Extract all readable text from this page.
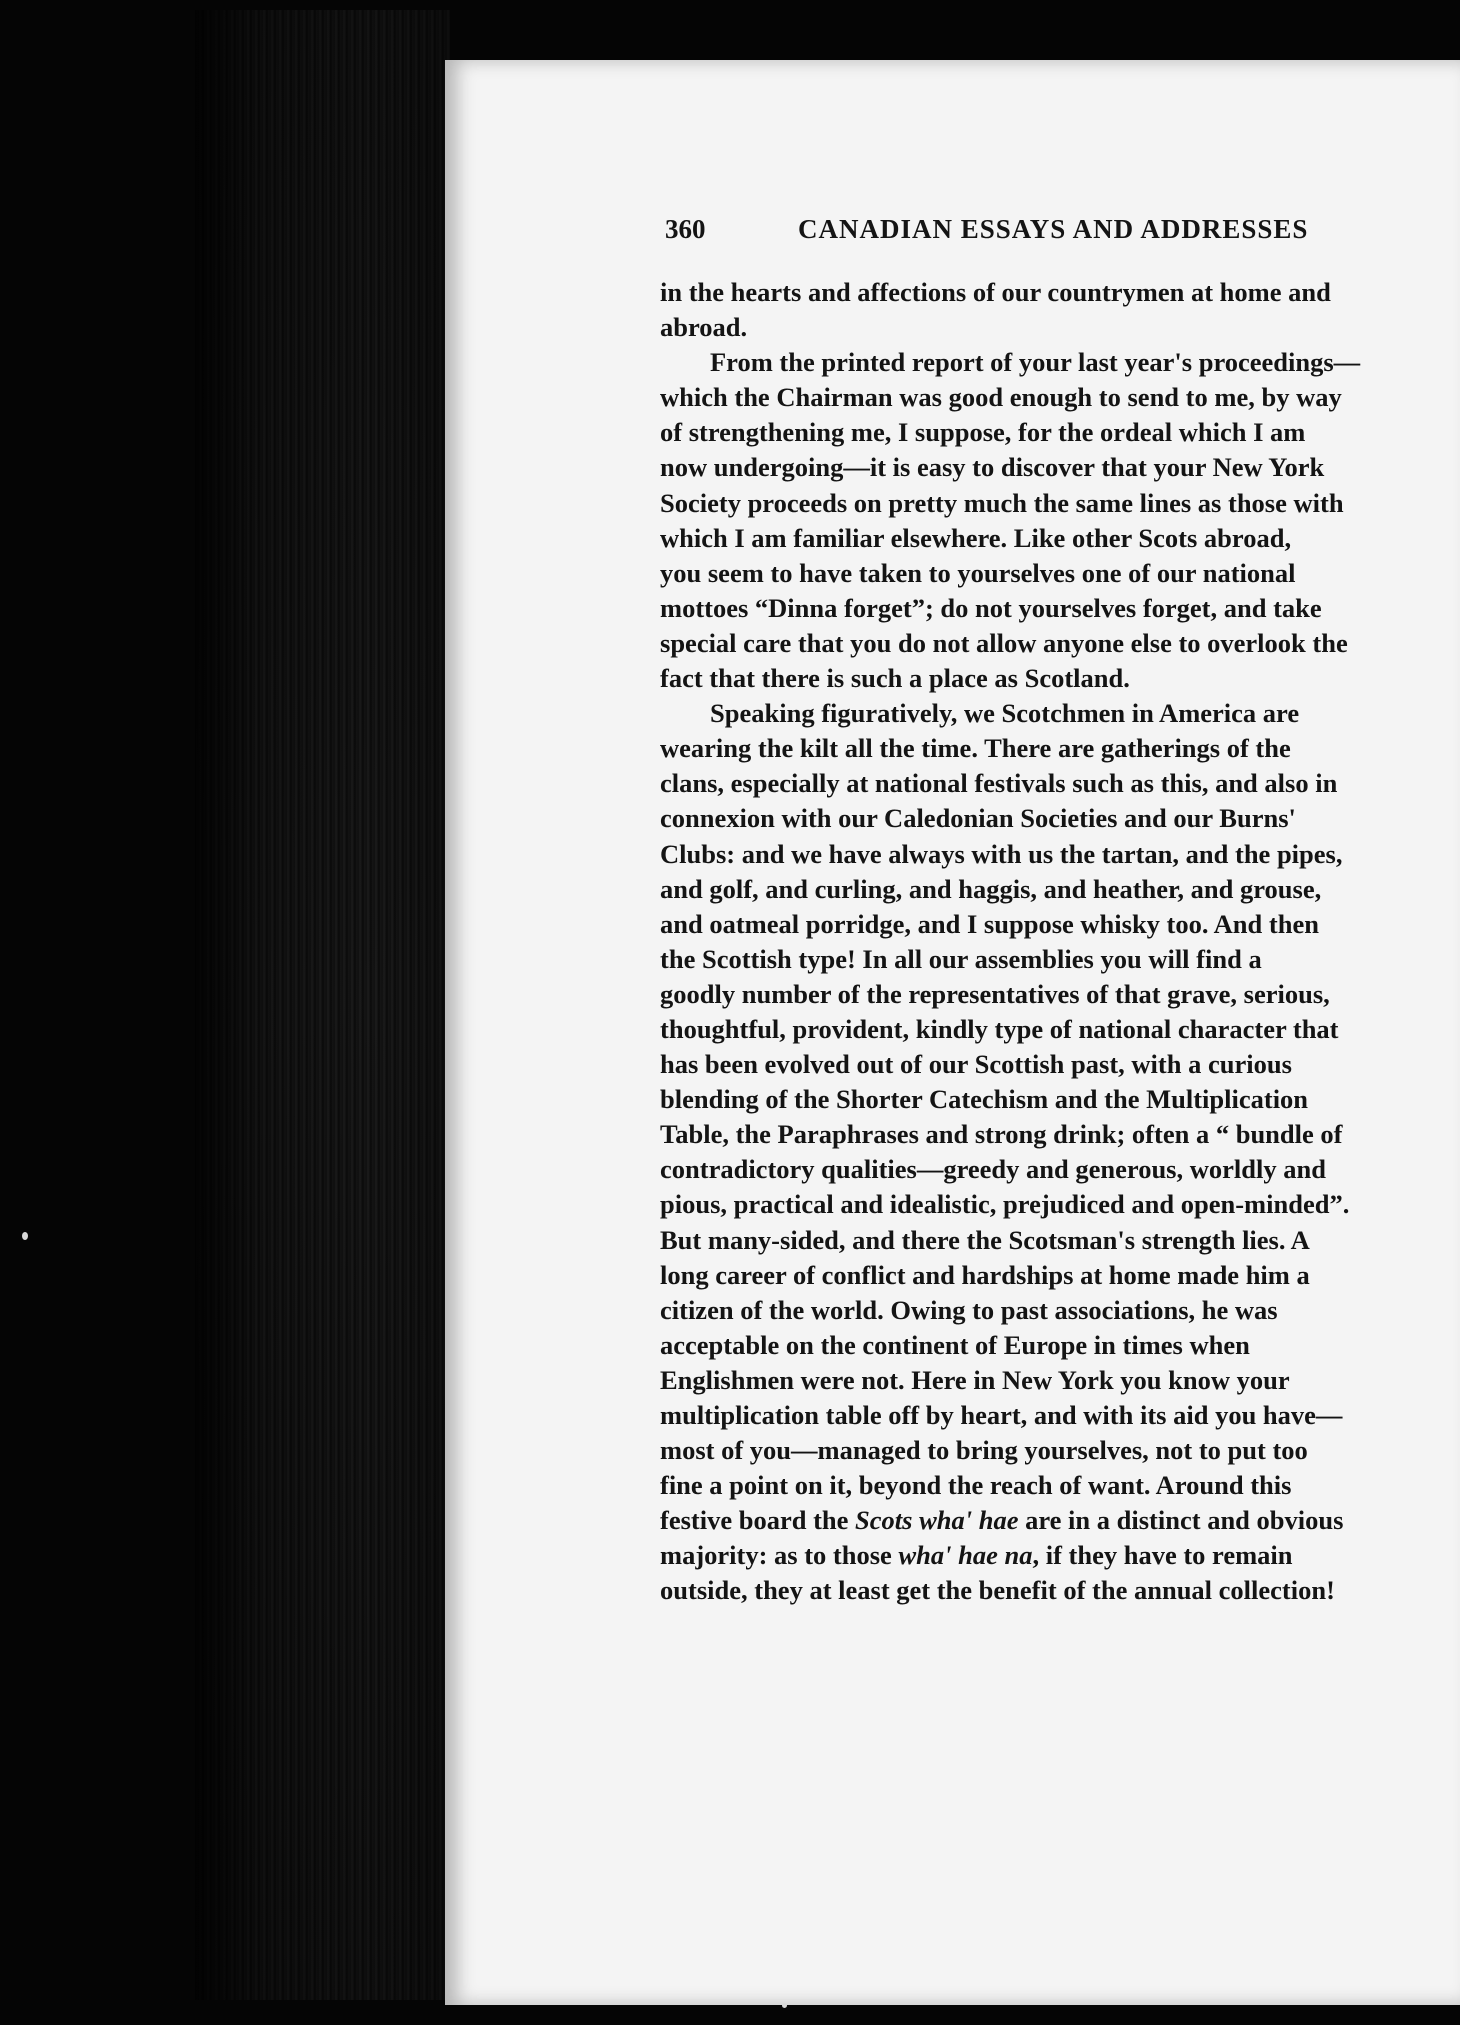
360	CANADIAN ESSAYS AND ADDRESSES
in the hearts and affections of our countrymen at home and
abroad.
From the printed report of your last year's proceedings—
which the Chairman was good enough to send to me, by way
of strengthening me, I suppose, for the ordeal which I am
now undergoing—it is easy to discover that your New York
Society proceeds on pretty much the same lines as those with
which I am familiar elsewhere. Like other Scots abroad,
you seem to have taken to yourselves one of our national
mottoes “Dinna forget”; do not yourselves forget, and take
special care that you do not allow anyone else to overlook the
fact that there is such a place as Scotland.
Speaking figuratively, we Scotchmen in America are
wearing the kilt all the time. There are gatherings of the
clans, especially at national festivals such as this, and also in
connexion with our Caledonian Societies and our Burns'
Clubs: and we have always with us the tartan, and the pipes,
and golf, and curling, and haggis, and heather, and grouse,
and oatmeal porridge, and I suppose whisky too. And then
the Scottish type! In all our assemblies you will find a
goodly number of the representatives of that grave, serious,
thoughtful, provident, kindly type of national character that
has been evolved out of our Scottish past, with a curious
blending of the Shorter Catechism and the Multiplication
Table, the Paraphrases and strong drink; often a “ bundle of
contradictory qualities—greedy and generous, worldly and
pious, practical and idealistic, prejudiced and open-minded”.
But many-sided, and there the Scotsman's strength lies. A
long career of conflict and hardships at home made him a
citizen of the world. Owing to past associations, he was
acceptable on the continent of Europe in times when
Englishmen were not. Here in New York you know your
multiplication table off by heart, and with its aid you have—
most of you—managed to bring yourselves, not to put too
fine a point on it, beyond the reach of want. Around this
festive board the Scots wha' hae are in a distinct and obvious
majority: as to those wha' hae na, if they have to remain
outside, they at least get the benefit of the annual collection!
